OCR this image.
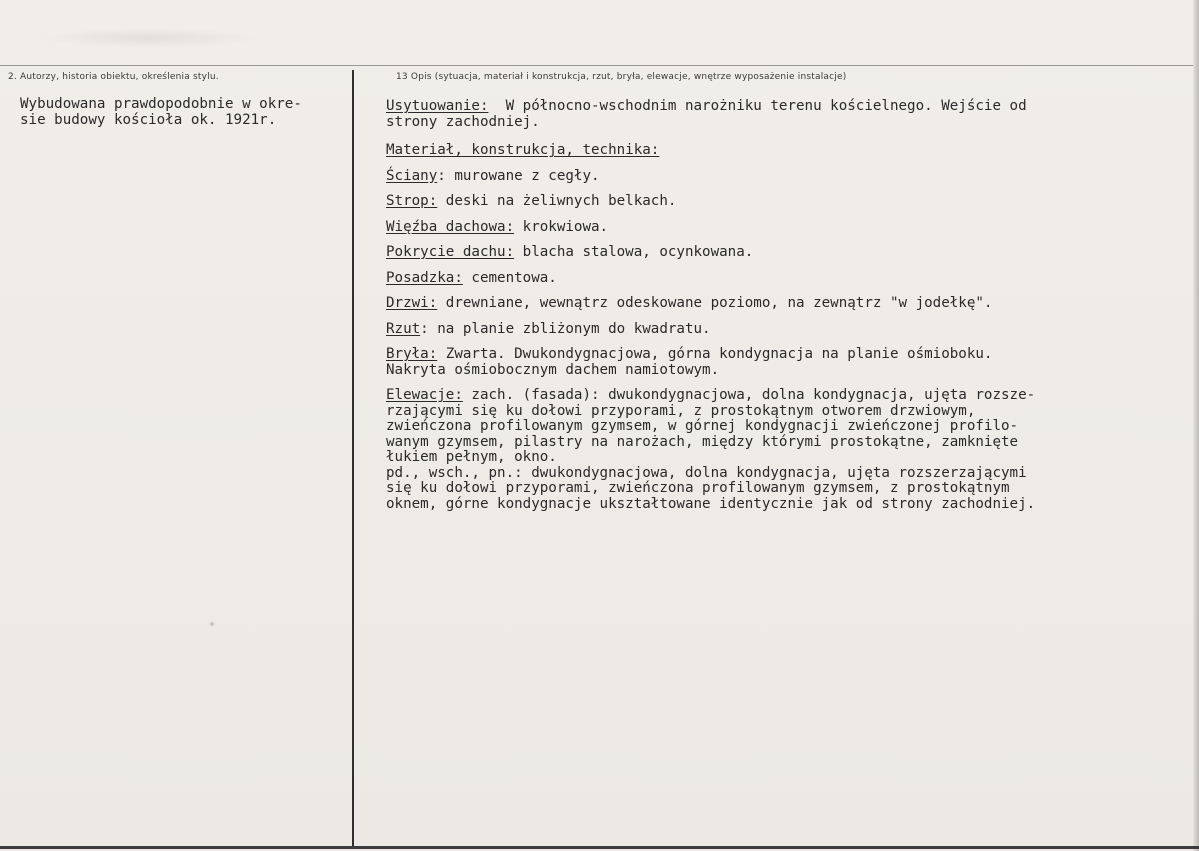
2. Autorzy, historia obiektu, określenia stylu.	13 Opis (sytuacja, materiał i konstrukcja, rzut, bryła, elewacje, wnętrze wyposażenie instalacje)
Wybudowana prawdopodobnie w okre-
sie budowy kościoła ok. 1921r.
Usytuowanie:  W północno-wschodnim narożniku terenu kościelnego. Wejście od
strony zachodniej.
Materiał, konstrukcja, technika:
Ściany: murowane z cegły.
Strop: deski na żeliwnych belkach.
Więźba dachowa: krokwiowa.
Pokrycie dachu: blacha stalowa, ocynkowana.
Posadzka: cementowa.
Drzwi: drewniane, wewnątrz odeskowane poziomo, na zewnątrz "w jodełkę".
Rzut: na planie zbliżonym do kwadratu.
Bryła: Zwarta. Dwukondygnacjowa, górna kondygnacja na planie ośmioboku.
Nakryta ośmiobocznym dachem namiotowym.
Elewacje: zach. (fasada): dwukondygnacjowa, dolna kondygnacja, ujęta rozsze-
rzającymi się ku dołowi przyporami, z prostokątnym otworem drzwiowym,
zwieńczona profilowanym gzymsem, w górnej kondygnacji zwieńczonej profilo-
wanym gzymsem, pilastry na narożach, między którymi prostokątne, zamknięte
łukiem pełnym, okno.
pd., wsch., pn.: dwukondygnacjowa, dolna kondygnacja, ujęta rozszerzającymi
się ku dołowi przyporami, zwieńczona profilowanym gzymsem, z prostokątnym
oknem, górne kondygnacje ukształtowane identycznie jak od strony zachodniej.
